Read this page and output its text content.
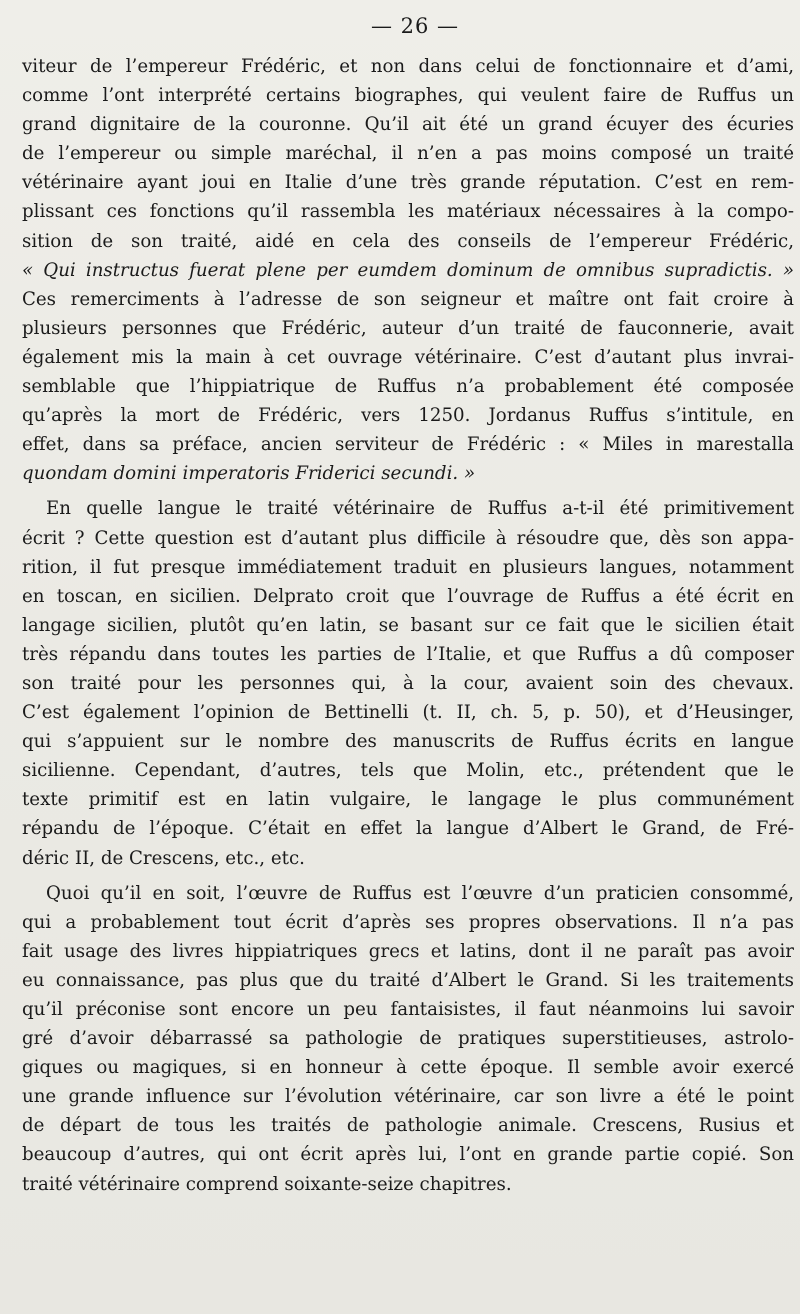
— 26 —
viteur de l’empereur Frédéric, et non dans celui de fonctionnaire et d’ami,
comme l’ont interprété certains biographes, qui veulent faire de Ruffus un
grand dignitaire de la couronne. Qu’il ait été un grand écuyer des écuries
de l’empereur ou simple maréchal, il n’en a pas moins composé un traité
vétérinaire ayant joui en Italie d’une très grande réputation. C’est en rem-
plissant ces fonctions qu’il rassembla les matériaux nécessaires à la compo-
sition de son traité, aidé en cela des conseils de l’empereur Frédéric,
« Qui instructus fuerat plene per eumdem dominum de omnibus supradictis. »
Ces remerciments à l’adresse de son seigneur et maître ont fait croire à
plusieurs personnes que Frédéric, auteur d’un traité de fauconnerie, avait
également mis la main à cet ouvrage vétérinaire. C’est d’autant plus invrai-
semblable que l’hippiatrique de Ruffus n’a probablement été composée
qu’après la mort de Frédéric, vers 1250. Jordanus Ruffus s’intitule, en
effet, dans sa préface, ancien serviteur de Frédéric : « Miles in marestalla
quondam domini imperatoris Friderici secundi. »
En quelle langue le traité vétérinaire de Ruffus a-t-il été primitivement
écrit ? Cette question est d’autant plus difficile à résoudre que, dès son appa-
rition, il fut presque immédiatement traduit en plusieurs langues, notamment
en toscan, en sicilien. Delprato croit que l’ouvrage de Ruffus a été écrit en
langage sicilien, plutôt qu’en latin, se basant sur ce fait que le sicilien était
très répandu dans toutes les parties de l’Italie, et que Ruffus a dû composer
son traité pour les personnes qui, à la cour, avaient soin des chevaux.
C’est également l’opinion de Bettinelli (t. II, ch. 5, p. 50), et d’Heusinger,
qui s’appuient sur le nombre des manuscrits de Ruffus écrits en langue
sicilienne. Cependant, d’autres, tels que Molin, etc., prétendent que le
texte primitif est en latin vulgaire, le langage le plus communément
répandu de l’époque. C’était en effet la langue d’Albert le Grand, de Fré-
déric II, de Crescens, etc., etc.
Quoi qu’il en soit, l’œuvre de Ruffus est l’œuvre d’un praticien consommé,
qui a probablement tout écrit d’après ses propres observations. Il n’a pas
fait usage des livres hippiatriques grecs et latins, dont il ne paraît pas avoir
eu connaissance, pas plus que du traité d’Albert le Grand. Si les traitements
qu’il préconise sont encore un peu fantaisistes, il faut néanmoins lui savoir
gré d’avoir débarrassé sa pathologie de pratiques superstitieuses, astrolo-
giques ou magiques, si en honneur à cette époque. Il semble avoir exercé
une grande influence sur l’évolution vétérinaire, car son livre a été le point
de départ de tous les traités de pathologie animale. Crescens, Rusius et
beaucoup d’autres, qui ont écrit après lui, l’ont en grande partie copié. Son
traité vétérinaire comprend soixante-seize chapitres.
